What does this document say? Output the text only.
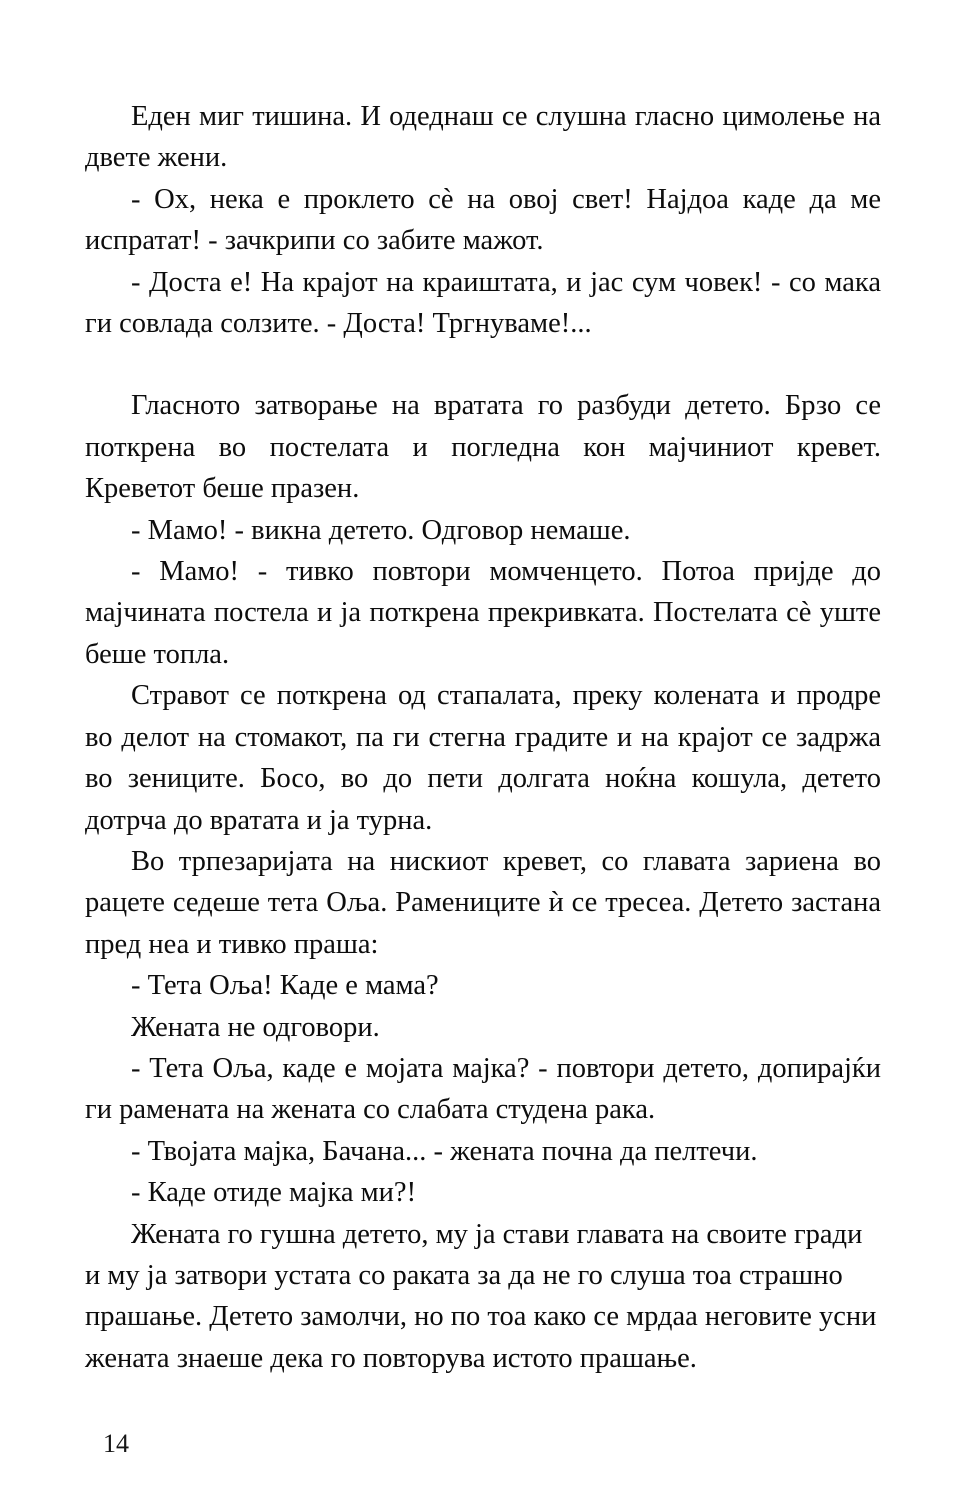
Еден миг тишина. И одеднаш се слушна гласно цимолење на двете жени.

- Ох, нека е проклето сè на овој свет! Најдоа каде да ме испратат! - зачкрипи со забите мажот.

- Доста е! На крајот на краиштата, и јас сум човек! - со мака ги совлада солзите. - Доста! Тргнуваме!...

Гласното затворање на вратата го разбуди детето. Брзо се поткрена во постелата и погледна кон мајчиниот кревет. Креветот беше празен.

- Мамо! - викна детето. Одговор немаше.

- Мамо! - тивко повтори момченцето. Потоа пријде до мајчината постела и ја поткрена прекривката. Постелата сè уште беше топла.

Стравот се поткрена од стапалата, преку колената и продре во делот на стомакот, па ги стегна градите и на крајот се задржа во зениците. Босо, во до пети долгата ноќна кошула, детето дотрча до вратата и ја турна.

Во трпезаријата на нискиот кревет, со главата зариена во рацете седеше тета Оља. Раменицитe ѝ се тресеа. Детето застана пред неа и тивко праша:

- Тета Оља! Каде е мама?

Жената не одговори.

- Тета Оља, каде е мојата мајка? - повтори детето, допирајќи ги рамената на жената со слабата студена рака.

- Твојата мајка, Бачана... - жената почна да пелтечи.

- Каде отиде мајка ми?!

Жената го гушна детето, му ја стави главата на своите гради и му ја затвори устата со раката за да не го слуша тоа страшно прашање. Детето замолчи, но по тоа како се мрдаа неговите усни жената знаеше дека го повторува истото прашање.

14
